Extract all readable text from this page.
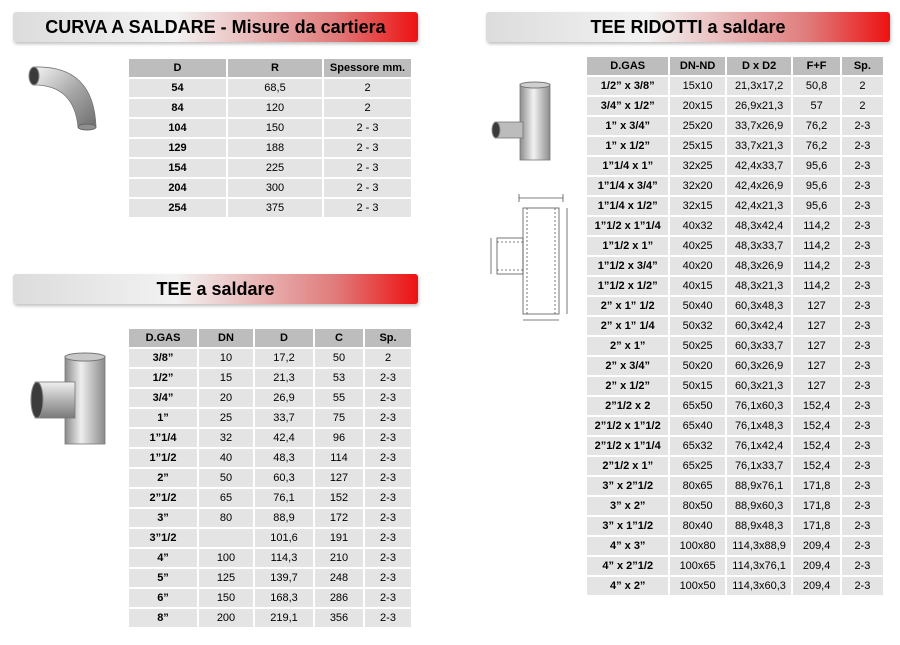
CURVA A SALDARE - Misure da cartiera
D	R	Spessore mm.
54	68,5	2
84	120	2
104	150	2 - 3
129	188	2 - 3
154	225	2 - 3
204	300	2 - 3
254	375	2 - 3
TEE a saldare
D.GAS	DN	D	C	Sp.
3/8”	10	17,2	50	2
1/2”	15	21,3	53	2-3
3/4”	20	26,9	55	2-3
1”	25	33,7	75	2-3
1”1/4	32	42,4	96	2-3
1”1/2	40	48,3	114	2-3
2”	50	60,3	127	2-3
2”1/2	65	76,1	152	2-3
3”	80	88,9	172	2-3
3”1/2		101,6	191	2-3
4”	100	114,3	210	2-3
5”	125	139,7	248	2-3
6”	150	168,3	286	2-3
8”	200	219,1	356	2-3
TEE RIDOTTI a saldare
D.GAS	DN-ND	D x D2	F+F	Sp.
1/2” x 3/8”	15x10	21,3x17,2	50,8	2
3/4” x 1/2”	20x15	26,9x21,3	57	2
1” x 3/4”	25x20	33,7x26,9	76,2	2-3
1” x 1/2”	25x15	33,7x21,3	76,2	2-3
1”1/4 x 1”	32x25	42,4x33,7	95,6	2-3
1”1/4 x 3/4”	32x20	42,4x26,9	95,6	2-3
1”1/4 x 1/2”	32x15	42,4x21,3	95,6	2-3
1”1/2 x 1”1/4	40x32	48,3x42,4	114,2	2-3
1”1/2 x 1”	40x25	48,3x33,7	114,2	2-3
1”1/2 x 3/4”	40x20	48,3x26,9	114,2	2-3
1”1/2 x 1/2”	40x15	48,3x21,3	114,2	2-3
2” x 1” 1/2	50x40	60,3x48,3	127	2-3
2” x 1” 1/4	50x32	60,3x42,4	127	2-3
2” x 1”	50x25	60,3x33,7	127	2-3
2” x 3/4”	50x20	60,3x26,9	127	2-3
2” x 1/2”	50x15	60,3x21,3	127	2-3
2”1/2 x 2	65x50	76,1x60,3	152,4	2-3
2”1/2 x 1”1/2	65x40	76,1x48,3	152,4	2-3
2”1/2 x 1”1/4	65x32	76,1x42,4	152,4	2-3
2”1/2 x 1”	65x25	76,1x33,7	152,4	2-3
3” x 2”1/2	80x65	88,9x76,1	171,8	2-3
3” x 2”	80x50	88,9x60,3	171,8	2-3
3” x 1”1/2	80x40	88,9x48,3	171,8	2-3
4” x 3”	100x80	114,3x88,9	209,4	2-3
4” x 2”1/2	100x65	114,3x76,1	209,4	2-3
4” x 2”	100x50	114,3x60,3	209,4	2-3
